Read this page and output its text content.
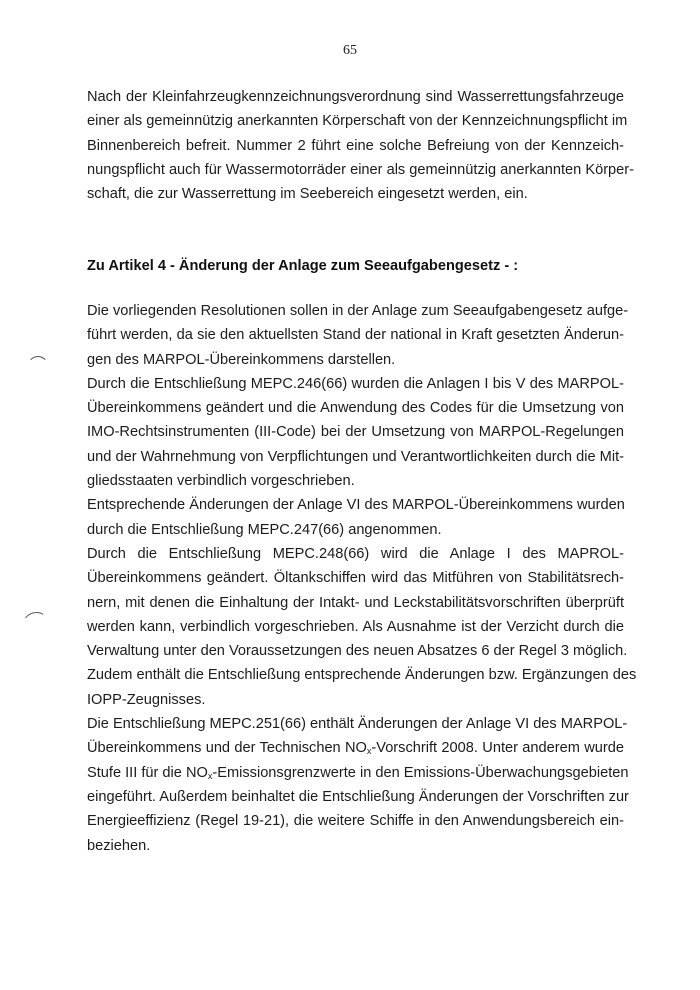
65
Nach der Kleinfahrzeugkennzeichnungsverordnung sind Wasserrettungsfahrzeuge
einer als gemeinnützig anerkannten Körperschaft von der Kennzeichnungspflicht im
Binnenbereich befreit. Nummer 2 führt eine solche Befreiung von der Kennzeich-
nungspflicht auch für Wassermotorräder einer als gemeinnützig anerkannten Körper-
schaft, die zur Wasserrettung im Seebereich eingesetzt werden, ein.
Zu Artikel 4 - Änderung der Anlage zum Seeaufgabengesetz - :
Die vorliegenden Resolutionen sollen in der Anlage zum Seeaufgabengesetz aufge-
führt werden, da sie den aktuellsten Stand der national in Kraft gesetzten Änderun-
gen des MARPOL-Übereinkommens darstellen.
Durch die Entschließung MEPC.246(66) wurden die Anlagen I bis V des MARPOL-
Übereinkommens geändert und die Anwendung des Codes für die Umsetzung von
IMO-Rechtsinstrumenten (III-Code) bei der Umsetzung von MARPOL-Regelungen
und der Wahrnehmung von Verpflichtungen und Verantwortlichkeiten durch die Mit-
gliedsstaaten verbindlich vorgeschrieben.
Entsprechende Änderungen der Anlage VI des MARPOL-Übereinkommens wurden
durch die Entschließung MEPC.247(66) angenommen.
Durch die Entschließung MEPC.248(66) wird die Anlage I des MAPROL-
Übereinkommens geändert. Öltankschiffen wird das Mitführen von Stabilitätsrech-
nern, mit denen die Einhaltung der Intakt- und Leckstabilitätsvorschriften überprüft
werden kann, verbindlich vorgeschrieben. Als Ausnahme ist der Verzicht durch die
Verwaltung unter den Voraussetzungen des neuen Absatzes 6 der Regel 3 möglich.
Zudem enthält die Entschließung entsprechende Änderungen bzw. Ergänzungen des
IOPP-Zeugnisses.
Die Entschließung MEPC.251(66) enthält Änderungen der Anlage VI des MARPOL-
Übereinkommens und der Technischen $NO_x$-Vorschrift 2008. Unter anderem wurde
Stufe III für die $NO_x$-Emissionsgrenzwerte in den Emissions-Überwachungsgebieten
eingeführt. Außerdem beinhaltet die Entschließung Änderungen der Vorschriften zur
Energieeffizienz (Regel 19-21), die weitere Schiffe in den Anwendungsbereich ein-
beziehen.
